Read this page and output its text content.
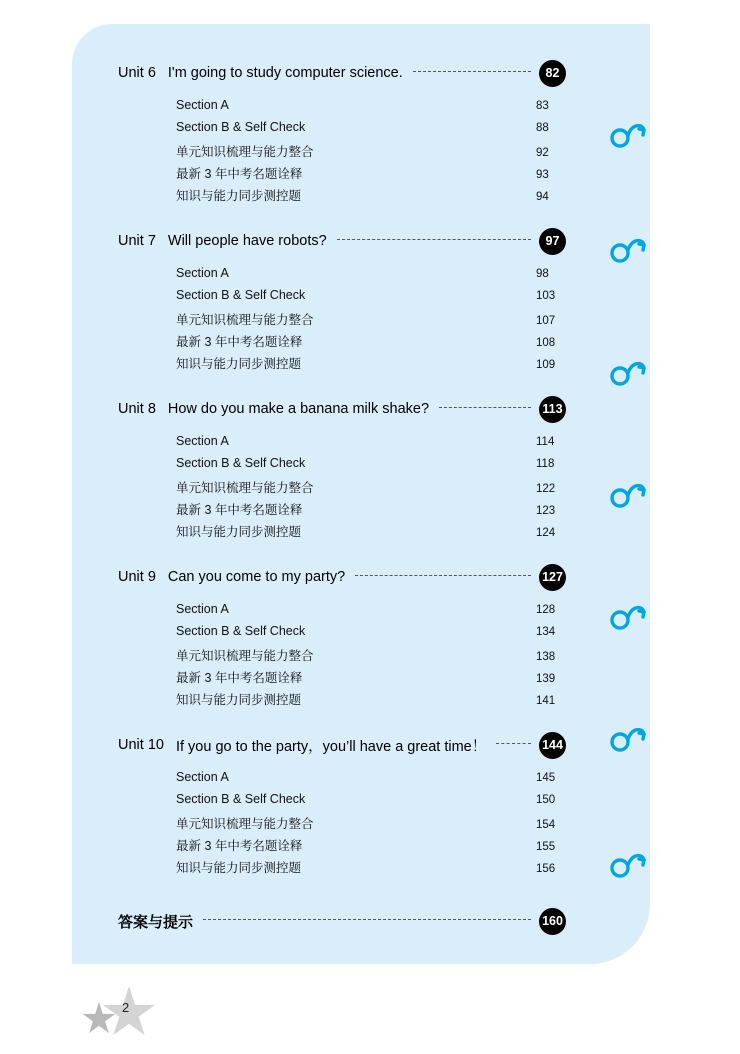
Unit 6 I'm going to study computer science.	82
Section A	83
Section B & Self Check	88
单元知识梳理与能力整合	92
最新 3 年中考名题诠释	93
知识与能力同步测控题	94
Unit 7 Will people have robots?	97
Section A	98
Section B & Self Check	103
单元知识梳理与能力整合	107
最新 3 年中考名题诠释	108
知识与能力同步测控题	109
Unit 8 How do you make a banana milk shake?	113
Section A	114
Section B & Self Check	118
单元知识梳理与能力整合	122
最新 3 年中考名题诠释	123
知识与能力同步测控题	124
Unit 9 Can you come to my party?	127
Section A	128
Section B & Self Check	134
单元知识梳理与能力整合	138
最新 3 年中考名题诠释	139
知识与能力同步测控题	141
Unit 10 If you go to the party，you’ll have a great time！	144
Section A	145
Section B & Self Check	150
单元知识梳理与能力整合	154
最新 3 年中考名题诠释	155
知识与能力同步测控题	156
答案与提示	160
2
